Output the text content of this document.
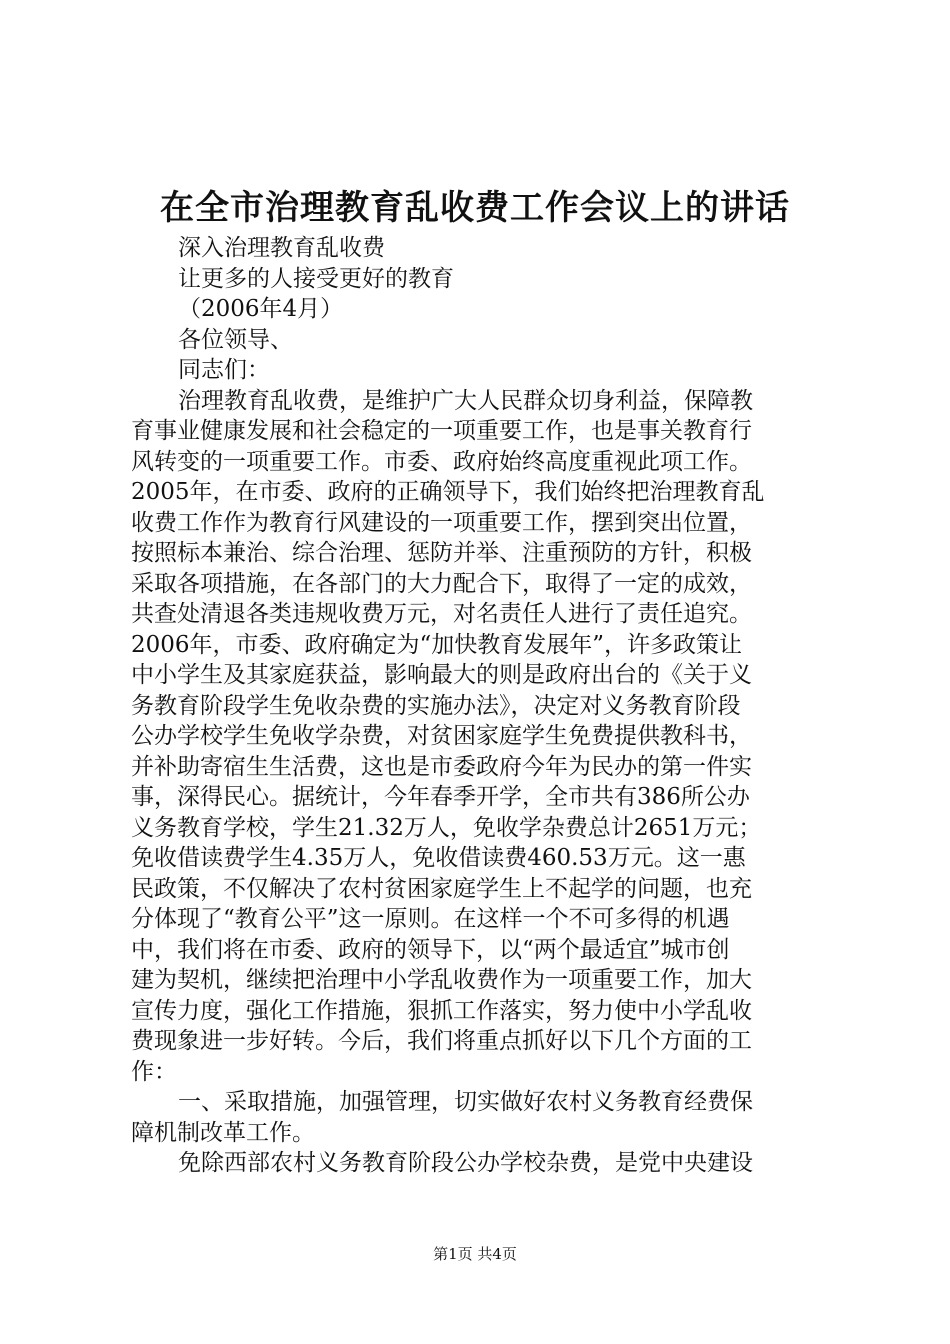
在全市治理教育乱收费工作会议上的讲话

深入治理教育乱收费

让更多的人接受更好的教育

（2006年4月）

各位领导、

同志们：

治理教育乱收费，是维护广大人民群众切身利益，保障教

育事业健康发展和社会稳定的一项重要工作，也是事关教育行

风转变的一项重要工作。市委、政府始终高度重视此项工作。

2005年，在市委、政府的正确领导下，我们始终把治理教育乱

收费工作作为教育行风建设的一项重要工作，摆到突出位置，

按照标本兼治、综合治理、惩防并举、注重预防的方针，积极

采取各项措施，在各部门的大力配合下，取得了一定的成效，

共查处清退各类违规收费万元，对名责任人进行了责任追究。

2006年，市委、政府确定为“加快教育发展年”，许多政策让

中小学生及其家庭获益，影响最大的则是政府出台的《关于义

务教育阶段学生免收杂费的实施办法》，决定对义务教育阶段

公办学校学生免收学杂费，对贫困家庭学生免费提供教科书，

并补助寄宿生生活费，这也是市委政府今年为民办的第一件实

事，深得民心。据统计，今年春季开学，全市共有386所公办

义务教育学校，学生21.32万人，免收学杂费总计2651万元；

免收借读费学生4.35万人，免收借读费460.53万元。这一惠

民政策，不仅解决了农村贫困家庭学生上不起学的问题，也充

分体现了“教育公平”这一原则。在这样一个不可多得的机遇

中，我们将在市委、政府的领导下，以“两个最适宜”城市创

建为契机，继续把治理中小学乱收费作为一项重要工作，加大

宣传力度，强化工作措施，狠抓工作落实，努力使中小学乱收

费现象进一步好转。今后，我们将重点抓好以下几个方面的工

作：

一、采取措施，加强管理，切实做好农村义务教育经费保

障机制改革工作。

免除西部农村义务教育阶段公办学校杂费，是党中央建设

第1页 共4页
